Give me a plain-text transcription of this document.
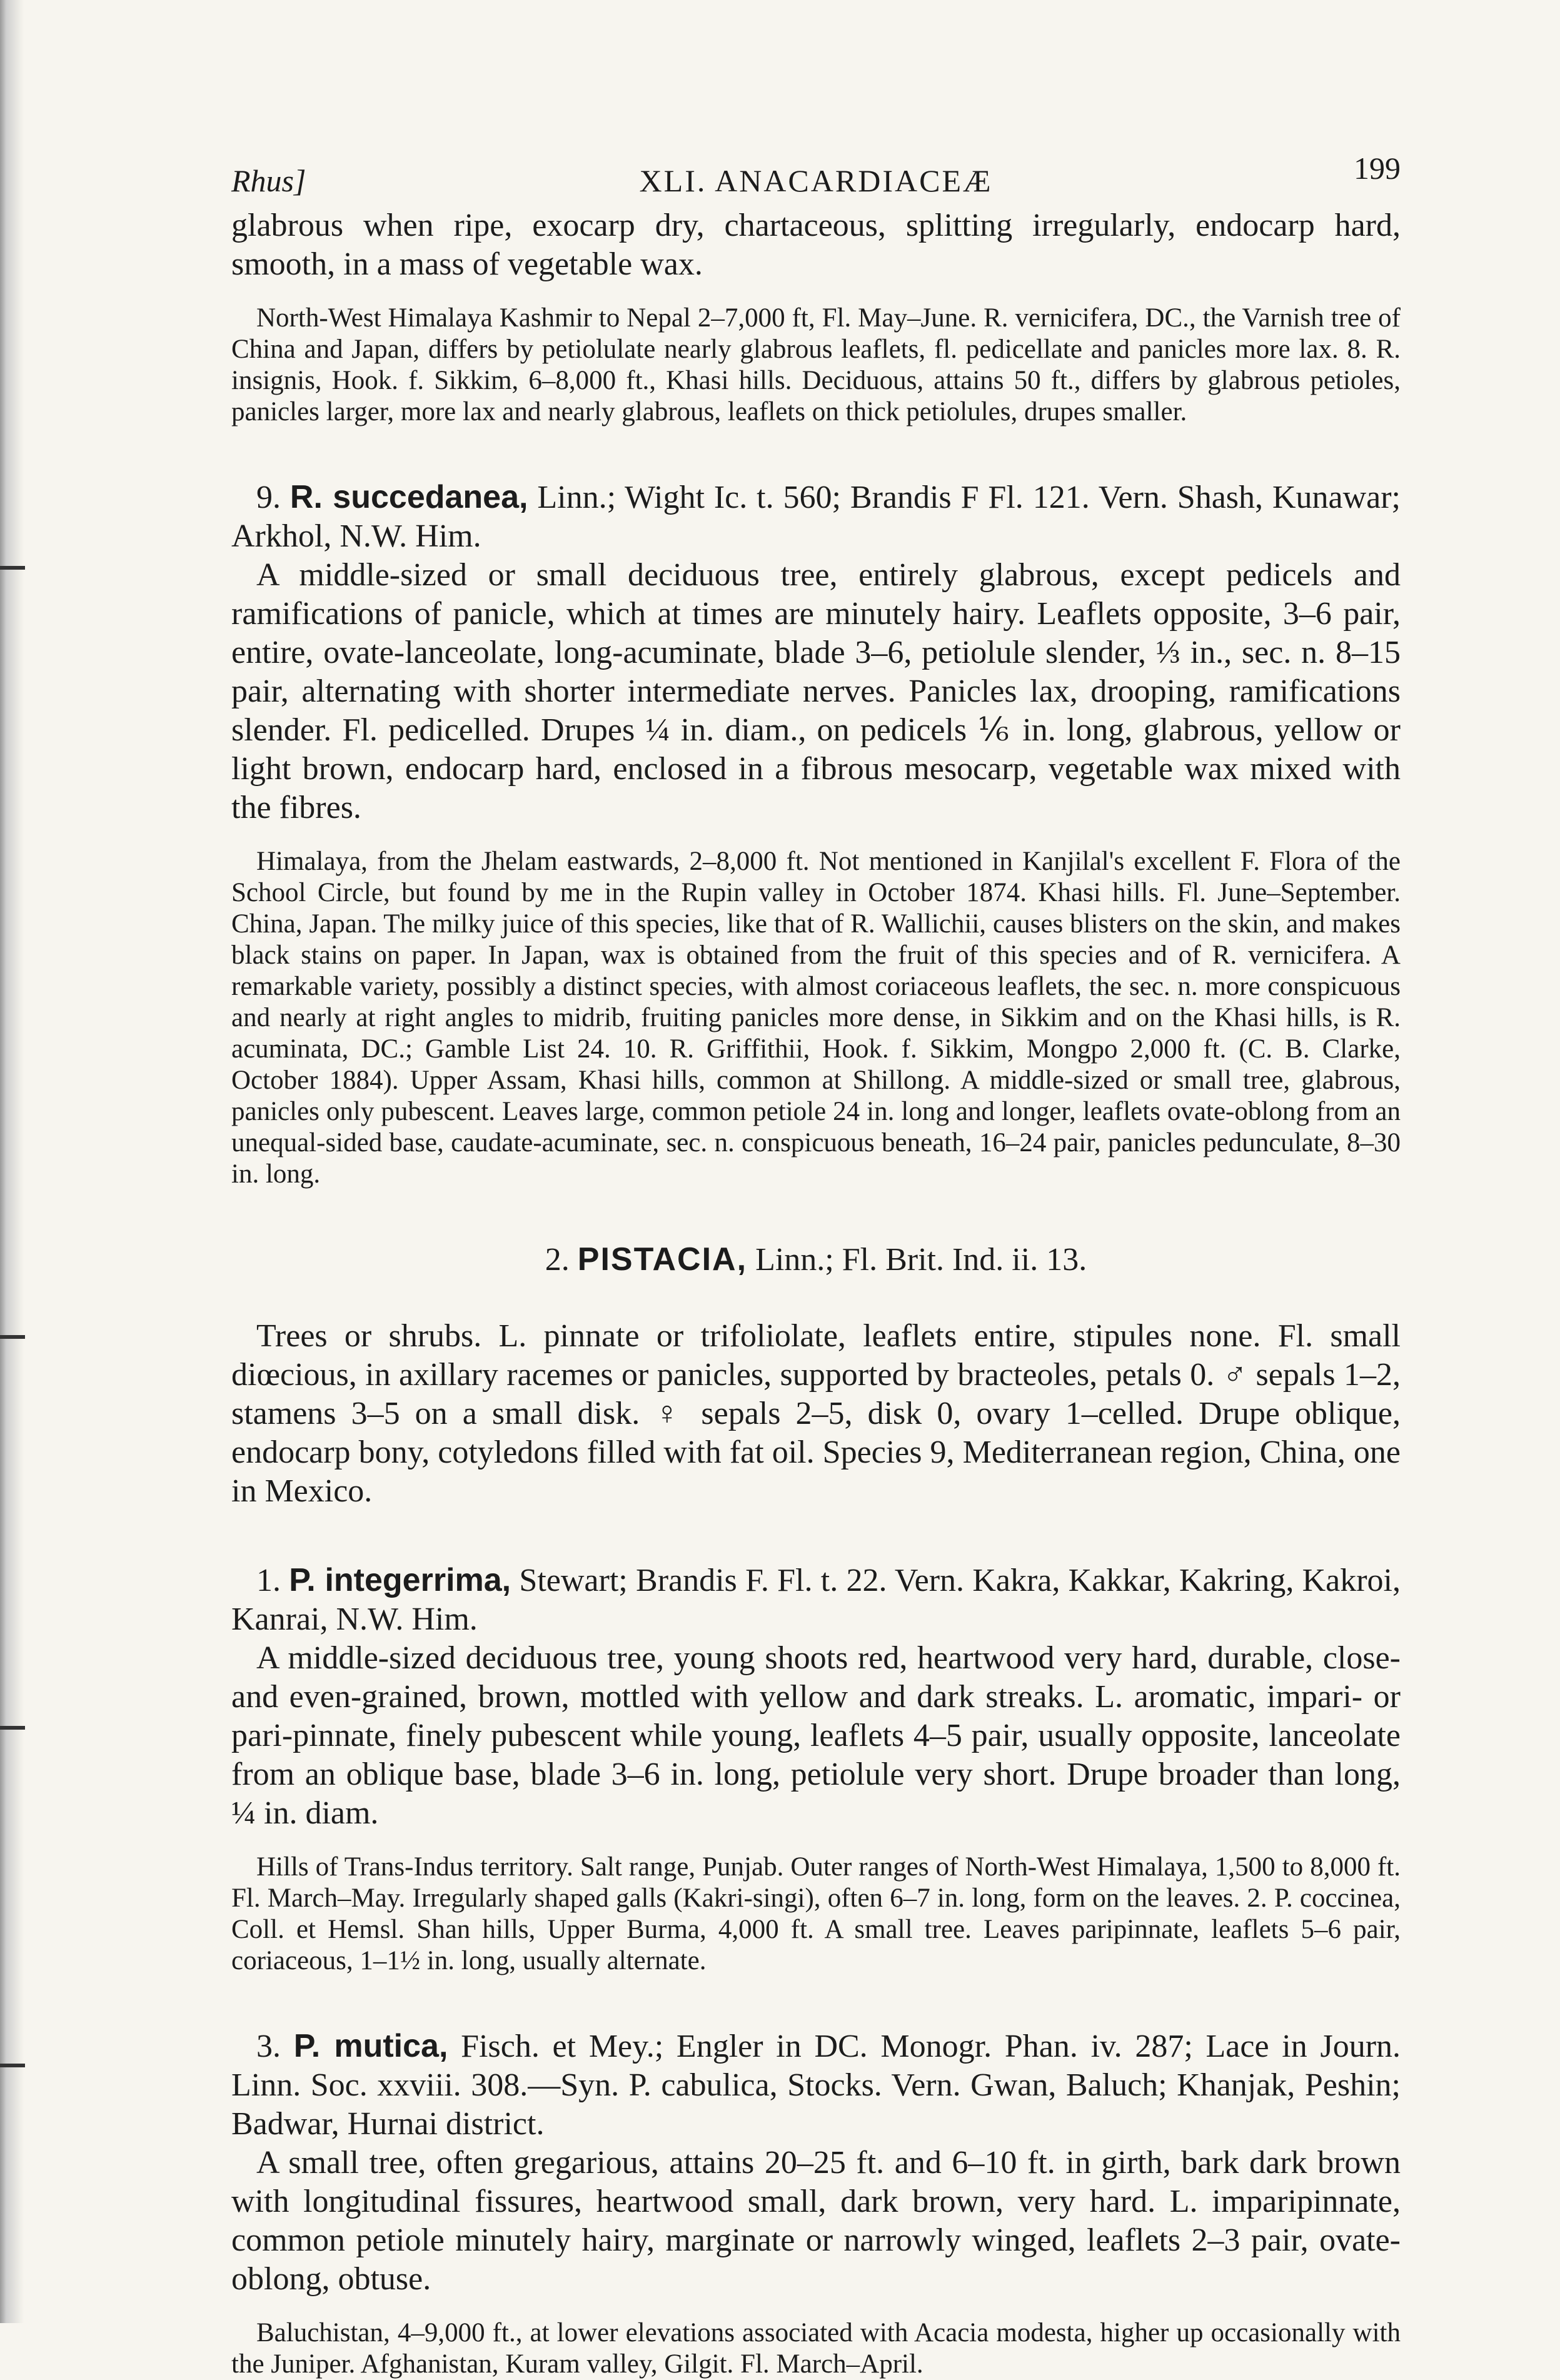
Rhus]	XLI. ANACARDIACEÆ	199

glabrous when ripe, exocarp dry, chartaceous, splitting irregularly, endocarp hard, smooth, in a mass of vegetable wax.

North-West Himalaya Kashmir to Nepal 2–7,000 ft, Fl. May–June. R. vernicifera, DC., the Varnish tree of China and Japan, differs by petiolulate nearly glabrous leaflets, fl. pedicellate and panicles more lax. 8. R. insignis, Hook. f. Sikkim, 6–8,000 ft., Khasi hills. Deciduous, attains 50 ft., differs by glabrous petioles, panicles larger, more lax and nearly glabrous, leaflets on thick petiolules, drupes smaller.

9. R. succedanea, Linn.; Wight Ic. t. 560; Brandis F Fl. 121. Vern. Shash, Kunawar; Arkhol, N.W. Him.

A middle-sized or small deciduous tree, entirely glabrous, except pedicels and ramifications of panicle, which at times are minutely hairy. Leaflets opposite, 3–6 pair, entire, ovate-lanceolate, long-acuminate, blade 3–6, petiolule slender, ⅓ in., sec. n. 8–15 pair, alternating with shorter intermediate nerves. Panicles lax, drooping, ramifications slender. Fl. pedicelled. Drupes ¼ in. diam., on pedicels ⅙ in. long, glabrous, yellow or light brown, endocarp hard, enclosed in a fibrous mesocarp, vegetable wax mixed with the fibres.

Himalaya, from the Jhelam eastwards, 2–8,000 ft. Not mentioned in Kanjilal's excellent F. Flora of the School Circle, but found by me in the Rupin valley in October 1874. Khasi hills. Fl. June–September. China, Japan. The milky juice of this species, like that of R. Wallichii, causes blisters on the skin, and makes black stains on paper. In Japan, wax is obtained from the fruit of this species and of R. vernicifera. A remarkable variety, possibly a distinct species, with almost coriaceous leaflets, the sec. n. more conspicuous and nearly at right angles to midrib, fruiting panicles more dense, in Sikkim and on the Khasi hills, is R. acuminata, DC.; Gamble List 24. 10. R. Griffithii, Hook. f. Sikkim, Mongpo 2,000 ft. (C. B. Clarke, October 1884). Upper Assam, Khasi hills, common at Shillong. A middle-sized or small tree, glabrous, panicles only pubescent. Leaves large, common petiole 24 in. long and longer, leaflets ovate-oblong from an unequal-sided base, caudate-acuminate, sec. n. conspicuous beneath, 16–24 pair, panicles pedunculate, 8–30 in. long.

2. PISTACIA, Linn.; Fl. Brit. Ind. ii. 13.

Trees or shrubs. L. pinnate or trifoliolate, leaflets entire, stipules none. Fl. small diœcious, in axillary racemes or panicles, supported by bracteoles, petals 0. ♂ sepals 1–2, stamens 3–5 on a small disk. ♀ sepals 2–5, disk 0, ovary 1–celled. Drupe oblique, endocarp bony, cotyledons filled with fat oil. Species 9, Mediterranean region, China, one in Mexico.

1. P. integerrima, Stewart; Brandis F. Fl. t. 22. Vern. Kakra, Kakkar, Kakring, Kakroi, Kanrai, N.W. Him.

A middle-sized deciduous tree, young shoots red, heartwood very hard, durable, close- and even-grained, brown, mottled with yellow and dark streaks. L. aromatic, impari- or pari-pinnate, finely pubescent while young, leaflets 4–5 pair, usually opposite, lanceolate from an oblique base, blade 3–6 in. long, petiolule very short. Drupe broader than long, ¼ in. diam.

Hills of Trans-Indus territory. Salt range, Punjab. Outer ranges of North-West Himalaya, 1,500 to 8,000 ft. Fl. March–May. Irregularly shaped galls (Kakri-singi), often 6–7 in. long, form on the leaves. 2. P. coccinea, Coll. et Hemsl. Shan hills, Upper Burma, 4,000 ft. A small tree. Leaves paripinnate, leaflets 5–6 pair, coriaceous, 1–1½ in. long, usually alternate.

3. P. mutica, Fisch. et Mey.; Engler in DC. Monogr. Phan. iv. 287; Lace in Journ. Linn. Soc. xxviii. 308.—Syn. P. cabulica, Stocks. Vern. Gwan, Baluch; Khanjak, Peshin; Badwar, Hurnai district.

A small tree, often gregarious, attains 20–25 ft. and 6–10 ft. in girth, bark dark brown with longitudinal fissures, heartwood small, dark brown, very hard. L. imparipinnate, common petiole minutely hairy, marginate or narrowly winged, leaflets 2–3 pair, ovate-oblong, obtuse.

Baluchistan, 4–9,000 ft., at lower elevations associated with Acacia modesta, higher up occasionally with the Juniper. Afghanistan, Kuram valley, Gilgit. Fl. March–April.
